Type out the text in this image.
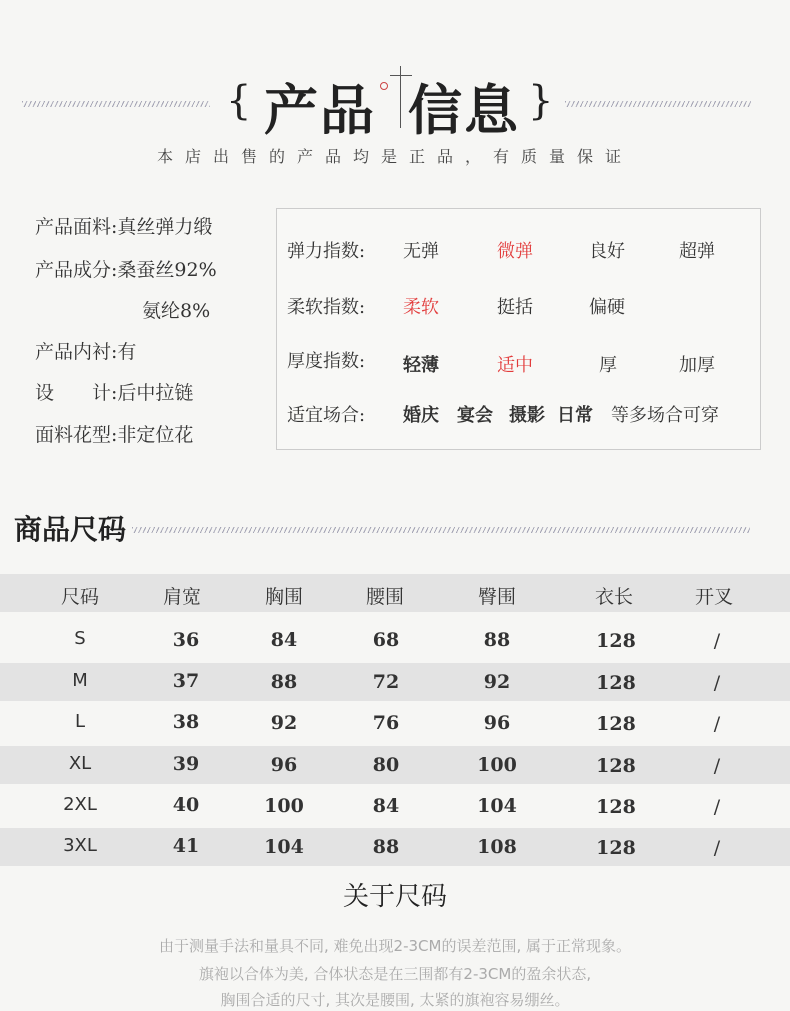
{ 产品 信息 }
本店出售的产品均是正品，有质量保证
产品面料:真丝弹力缎
产品成分:桑蚕丝92%
氨纶8%
产品内衬:有
设　　计:后中拉链
面料花型:非定位花
弹力指数: 无弹	微弹	良好	超弹
柔软指数: 柔软	挺括	偏硬
厚度指数: 轻薄	适中	厚	加厚
适宜场合: 婚庆 宴会 摄影 日常 等多场合可穿
商品尺码
尺码	肩宽	胸围	腰围	臀围	衣长	开叉
S	36	84	68	88	128	/
M	37	88	72	92	128	/
L	38	92	76	96	128	/
XL	39	96	80	100	128	/
2XL	40	100	84	104	128	/
3XL	41	104	88	108	128	/
关于尺码
由于测量手法和量具不同, 难免出现2-3CM的误差范围, 属于正常现象。
旗袍以合体为美, 合体状态是在三围都有2-3CM的盈余状态,
胸围合适的尺寸, 其次是腰围, 太紧的旗袍容易绷丝。
